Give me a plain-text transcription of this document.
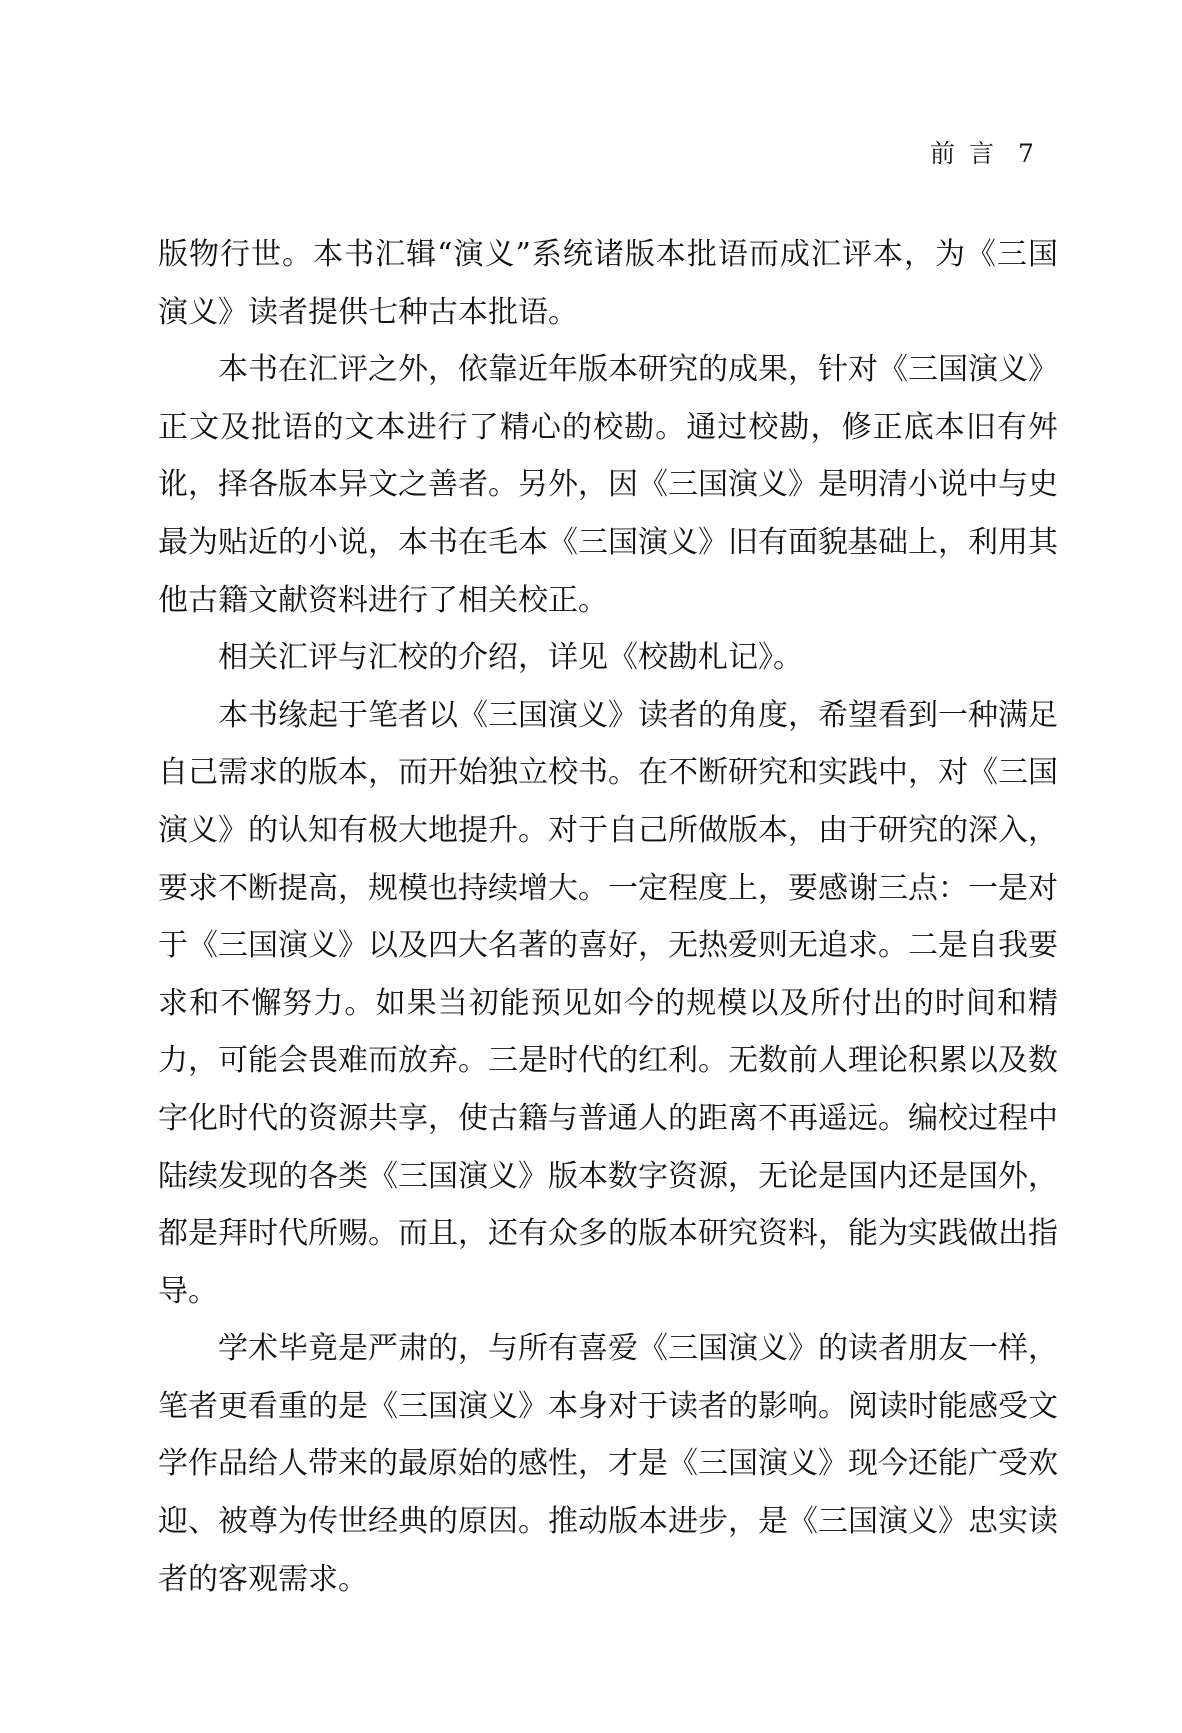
前言 7

版物行世。本书汇辑“演义”系统诸版本批语而成汇评本，为《三国演义》读者提供七种古本批语。

本书在汇评之外，依靠近年版本研究的成果，针对《三国演义》正文及批语的文本进行了精心的校勘。通过校勘，修正底本旧有舛讹，择各版本异文之善者。另外，因《三国演义》是明清小说中与史最为贴近的小说，本书在毛本《三国演义》旧有面貌基础上，利用其他古籍文献资料进行了相关校正。

相关汇评与汇校的介绍，详见《校勘札记》。

本书缘起于笔者以《三国演义》读者的角度，希望看到一种满足自己需求的版本，而开始独立校书。在不断研究和实践中，对《三国演义》的认知有极大地提升。对于自己所做版本，由于研究的深入，要求不断提高，规模也持续增大。一定程度上，要感谢三点：一是对于《三国演义》以及四大名著的喜好，无热爱则无追求。二是自我要求和不懈努力。如果当初能预见如今的规模以及所付出的时间和精力，可能会畏难而放弃。三是时代的红利。无数前人理论积累以及数字化时代的资源共享，使古籍与普通人的距离不再遥远。编校过程中陆续发现的各类《三国演义》版本数字资源，无论是国内还是国外，都是拜时代所赐。而且，还有众多的版本研究资料，能为实践做出指导。

学术毕竟是严肃的，与所有喜爱《三国演义》的读者朋友一样，笔者更看重的是《三国演义》本身对于读者的影响。阅读时能感受文学作品给人带来的最原始的感性，才是《三国演义》现今还能广受欢迎、被尊为传世经典的原因。推动版本进步，是《三国演义》忠实读者的客观需求。
